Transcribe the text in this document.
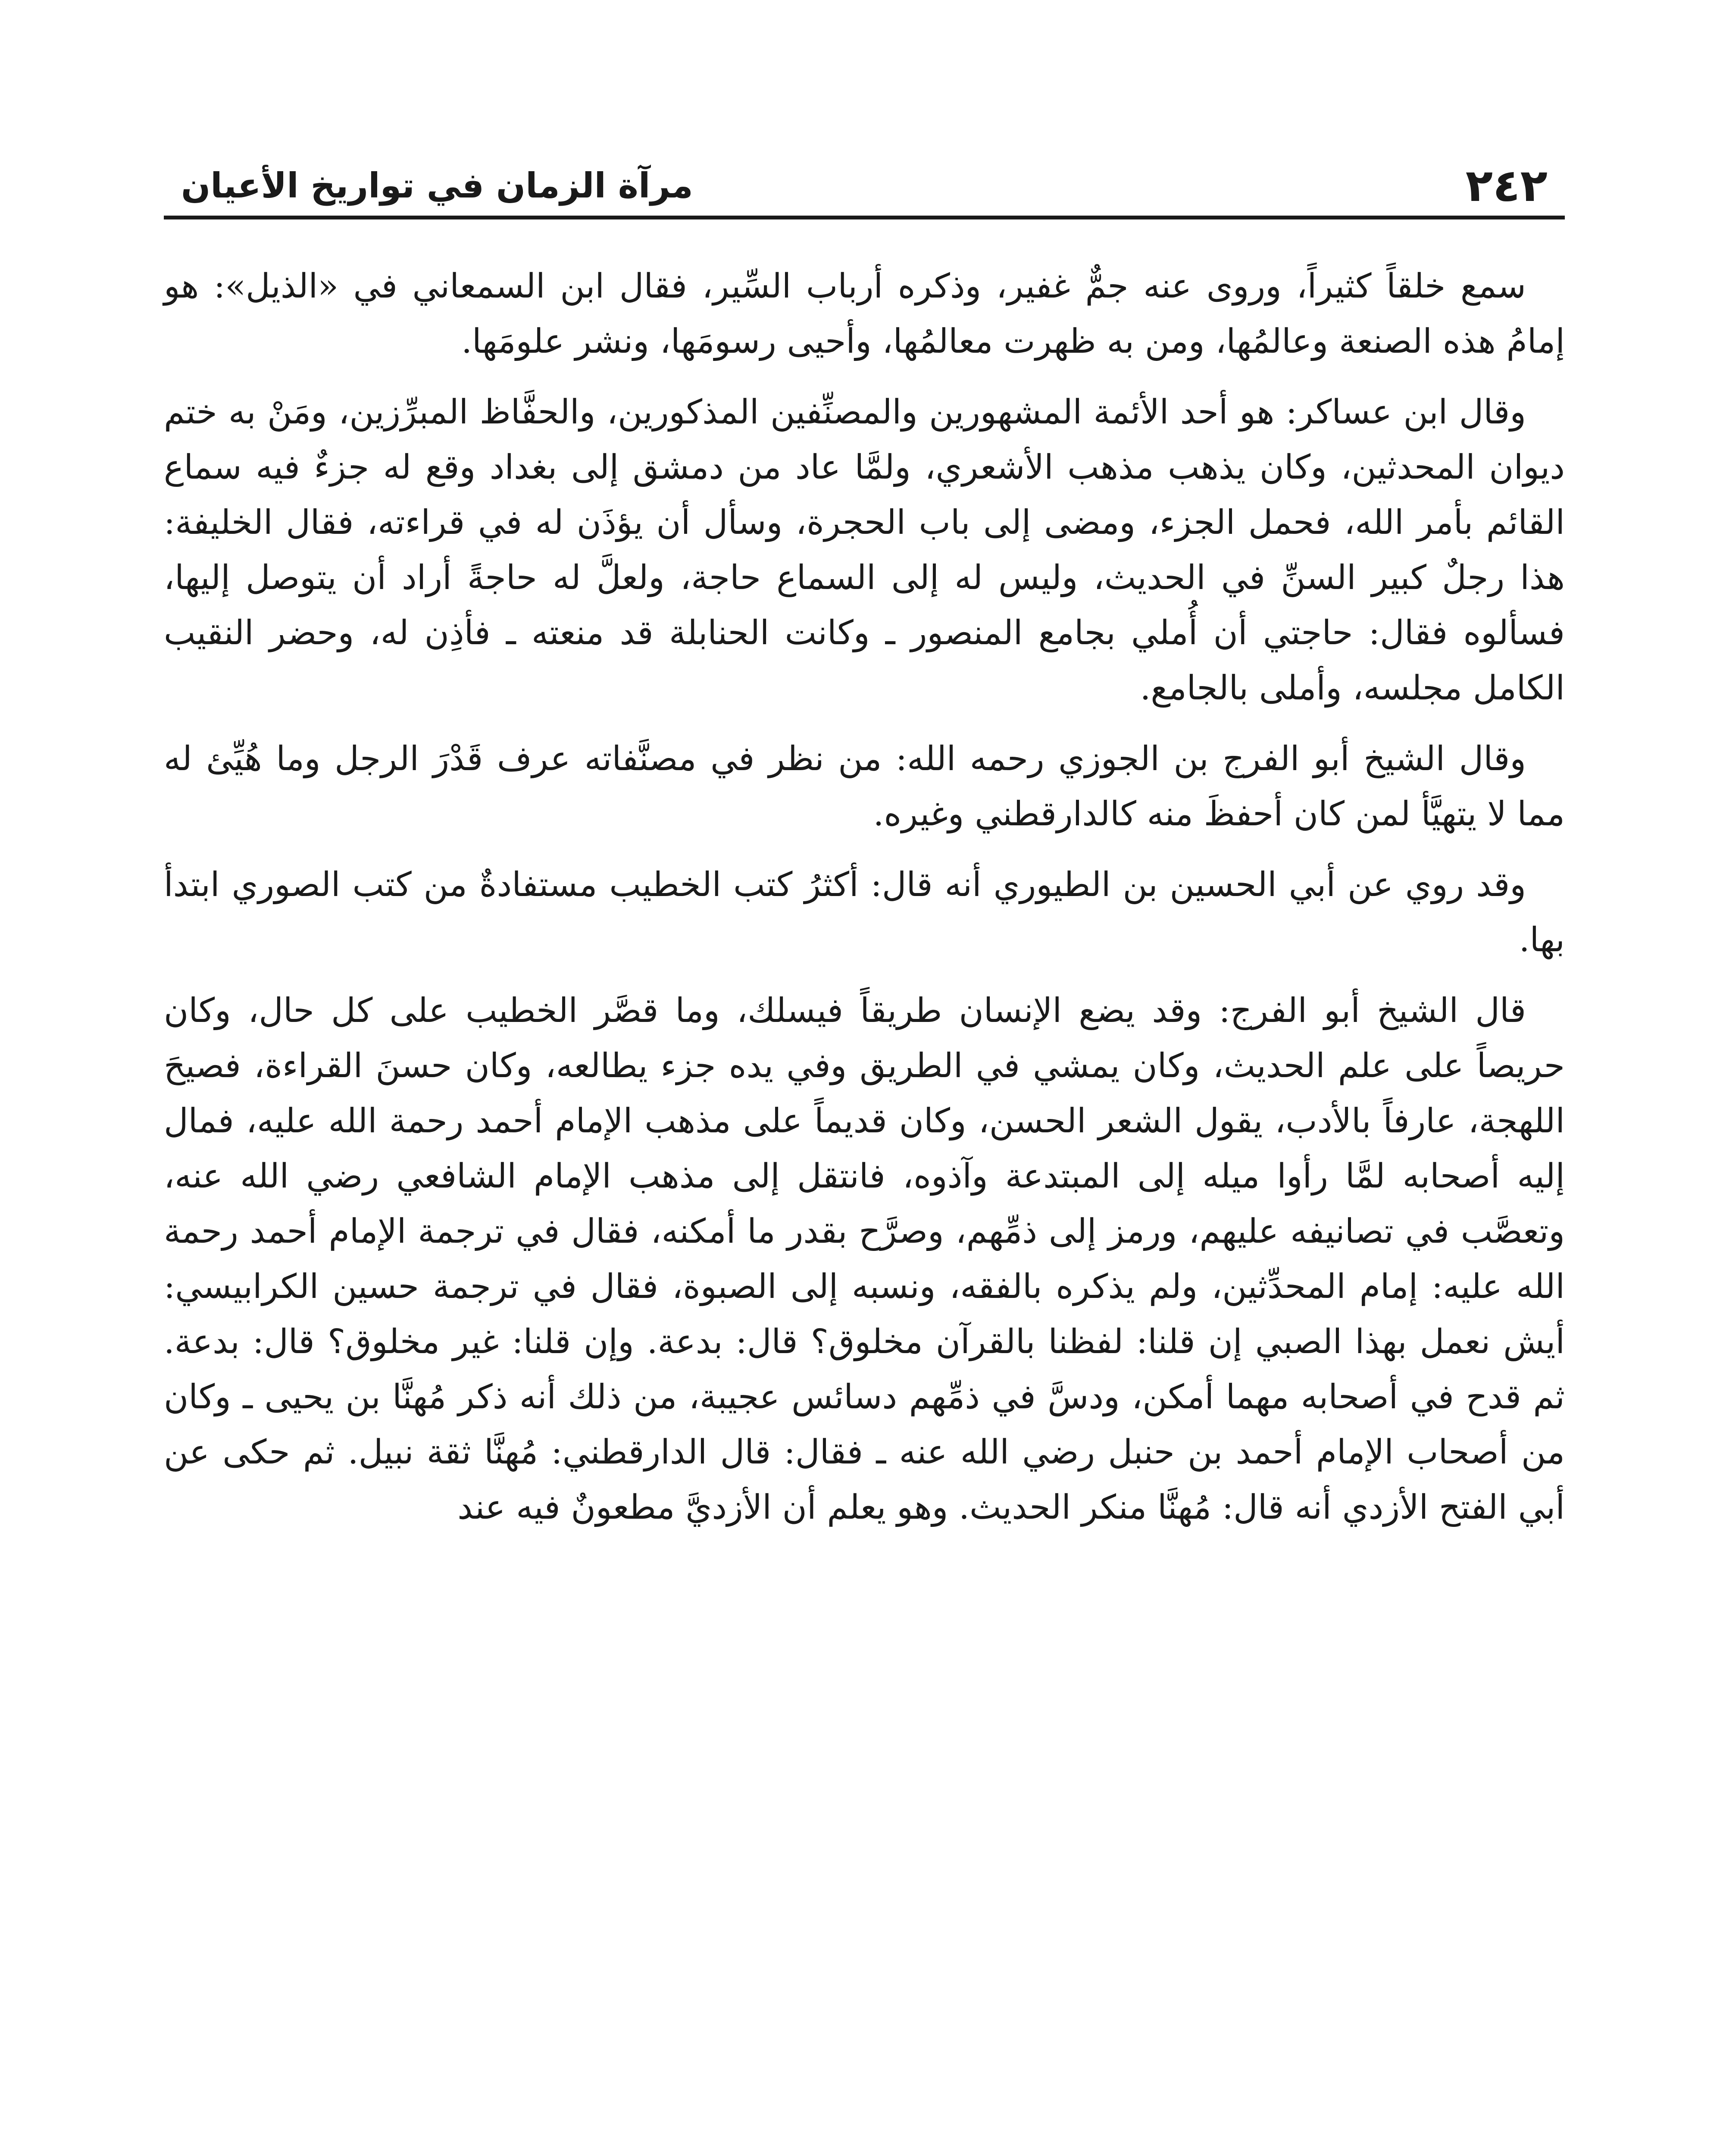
٢٤٢
مرآة الزمان في تواريخ الأعيان

سمع خلقاً كثيراً، وروى عنه جمٌّ غفير، وذكره أرباب السِّير، فقال ابن السمعاني في «الذيل»: هو إمامُ هذه الصنعة وعالمُها، ومن به ظهرت معالمُها، وأحيى رسومَها، ونشر علومَها.

وقال ابن عساكر: هو أحد الأئمة المشهورين والمصنِّفين المذكورين، والحفَّاظ المبرِّزين، ومَنْ به ختم ديوان المحدثين، وكان يذهب مذهب الأشعري، ولمَّا عاد من دمشق إلى بغداد وقع له جزءٌ فيه سماع القائم بأمر الله، فحمل الجزء، ومضى إلى باب الحجرة، وسأل أن يؤذَن له في قراءته، فقال الخليفة: هذا رجلٌ كبير السنِّ في الحديث، وليس له إلى السماع حاجة، ولعلَّ له حاجةً أراد أن يتوصل إليها، فسألوه فقال: حاجتي أن أُملي بجامع المنصور ـ وكانت الحنابلة قد منعته ـ فأذِن له، وحضر النقيب الكامل مجلسه، وأملى بالجامع.

وقال الشيخ أبو الفرج بن الجوزي رحمه الله: من نظر في مصنَّفاته عرف قَدْرَ الرجل وما هُيِّئ له مما لا يتهيَّأ لمن كان أحفظَ منه كالدارقطني وغيره.

وقد روي عن أبي الحسين بن الطيوري أنه قال: أكثرُ كتب الخطيب مستفادةٌ من كتب الصوري ابتدأ بها.

قال الشيخ أبو الفرج: وقد يضع الإنسان طريقاً فيسلك، وما قصَّر الخطيب على كل حال، وكان حريصاً على علم الحديث، وكان يمشي في الطريق وفي يده جزء يطالعه، وكان حسنَ القراءة، فصيحَ اللهجة، عارفاً بالأدب، يقول الشعر الحسن، وكان قديماً على مذهب الإمام أحمد رحمة الله عليه، فمال إليه أصحابه لمَّا رأوا ميله إلى المبتدعة وآذوه، فانتقل إلى مذهب الإمام الشافعي رضي الله عنه، وتعصَّب في تصانيفه عليهم، ورمز إلى ذمِّهم، وصرَّح بقدر ما أمكنه، فقال في ترجمة الإمام أحمد رحمة الله عليه: إمام المحدِّثين، ولم يذكره بالفقه، ونسبه إلى الصبوة، فقال في ترجمة حسين الكرابيسي: أيش نعمل بهذا الصبي إن قلنا: لفظنا بالقرآن مخلوق؟ قال: بدعة. وإن قلنا: غير مخلوق؟ قال: بدعة. ثم قدح في أصحابه مهما أمكن، ودسَّ في ذمِّهم دسائس عجيبة، من ذلك أنه ذكر مُهنَّا بن يحيى ـ وكان من أصحاب الإمام أحمد بن حنبل رضي الله عنه ـ فقال: قال الدارقطني: مُهنَّا ثقة نبيل. ثم حكى عن أبي الفتح الأزدي أنه قال: مُهنَّا منكر الحديث. وهو يعلم أن الأزديَّ مطعونٌ فيه عند
